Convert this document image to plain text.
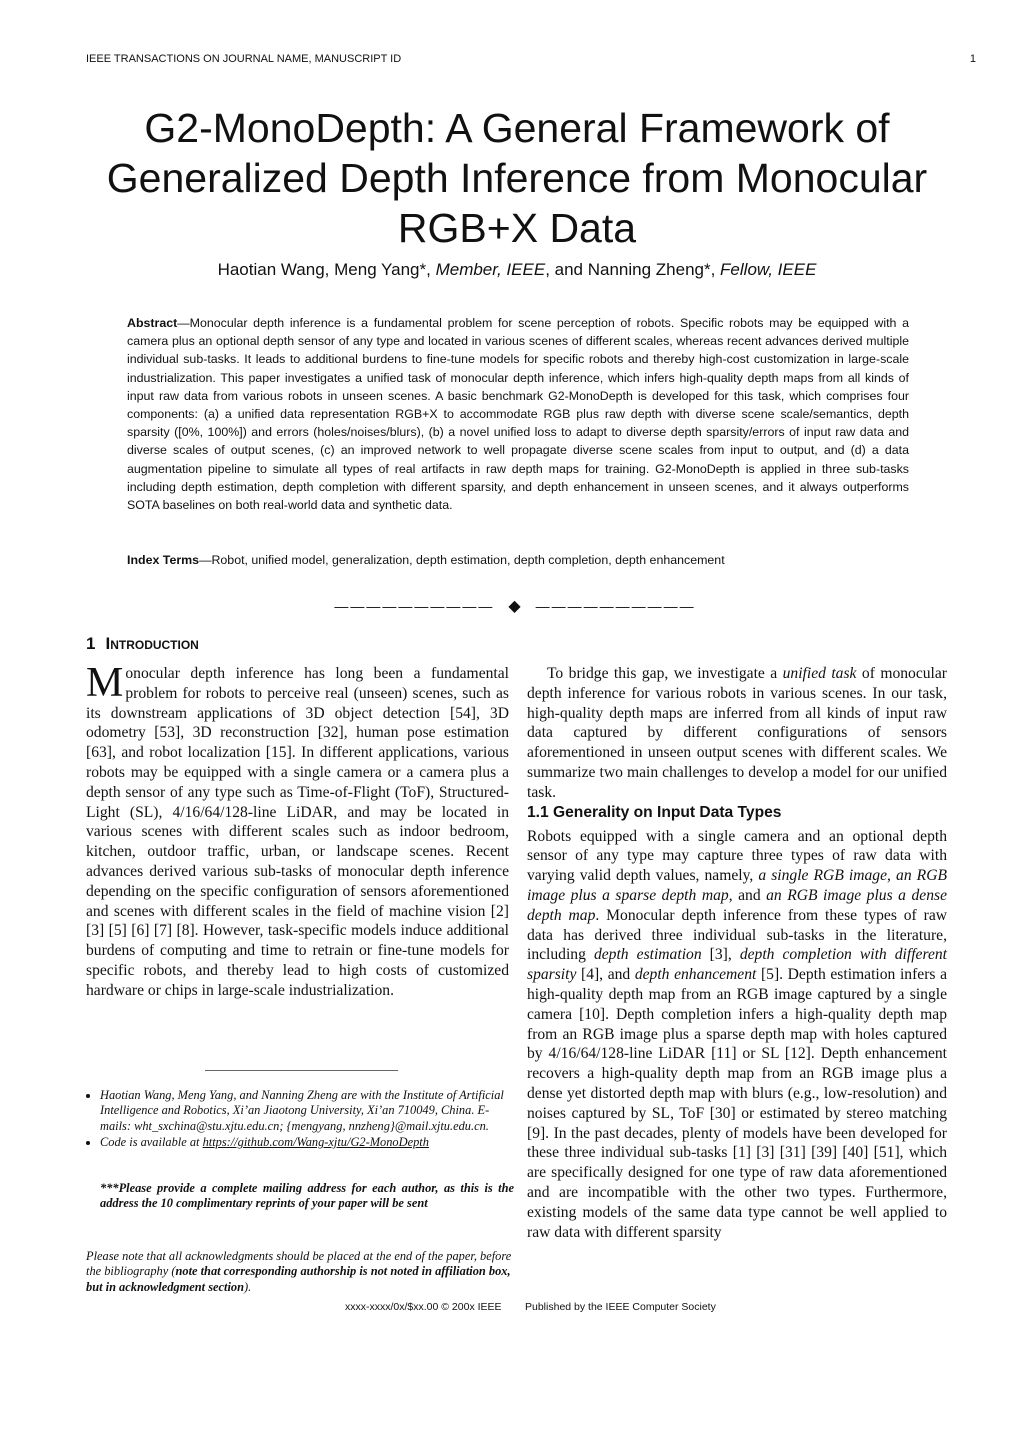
IEEE TRANSACTIONS ON JOURNAL NAME, MANUSCRIPT ID	1
G2-MonoDepth: A General Framework of Generalized Depth Inference from Monocular RGB+X Data
Haotian Wang, Meng Yang*, Member, IEEE, and Nanning Zheng*, Fellow, IEEE
Abstract—Monocular depth inference is a fundamental problem for scene perception of robots. Specific robots may be equipped with a camera plus an optional depth sensor of any type and located in various scenes of different scales, whereas recent advances derived multiple individual sub-tasks. It leads to additional burdens to fine-tune models for specific robots and thereby high-cost customization in large-scale industrialization. This paper investigates a unified task of monocular depth inference, which infers high-quality depth maps from all kinds of input raw data from various robots in unseen scenes. A basic benchmark G2-MonoDepth is developed for this task, which comprises four components: (a) a unified data representation RGB+X to accommodate RGB plus raw depth with diverse scene scale/semantics, depth sparsity ([0%, 100%]) and errors (holes/noises/blurs), (b) a novel unified loss to adapt to diverse depth sparsity/errors of input raw data and diverse scales of output scenes, (c) an improved network to well propagate diverse scene scales from input to output, and (d) a data augmentation pipeline to simulate all types of real artifacts in raw depth maps for training. G2-MonoDepth is applied in three sub-tasks including depth estimation, depth completion with different sparsity, and depth enhancement in unseen scenes, and it always outperforms SOTA baselines on both real-world data and synthetic data.
Index Terms—Robot, unified model, generalization, depth estimation, depth completion, depth enhancement
—————————— ◆ ——————————
1 Introduction

Monocular depth inference has long been a fundamental problem for robots to perceive real (unseen) scenes, such as its downstream applications of 3D object detection [54], 3D odometry [53], 3D reconstruction [32], human pose estimation [63], and robot localization [15]. In different applications, various robots may be equipped with a single camera or a camera plus a depth sensor of any type such as Time-of-Flight (ToF), Structured-Light (SL), 4/16/64/128-line LiDAR, and may be located in various scenes with different scales such as indoor bedroom, kitchen, outdoor traffic, urban, or landscape scenes. Recent advances derived various sub-tasks of monocular depth inference depending on the specific configuration of sensors aforementioned and scenes with different scales in the field of machine vision [2] [3] [5] [6] [7] [8]. However, task-specific models induce additional burdens of computing and time to retrain or fine-tune models for specific robots, and thereby lead to high costs of customized hardware or chips in large-scale industrialization.

To bridge this gap, we investigate a unified task of monocular depth inference for various robots in various scenes. In our task, high-quality depth maps are inferred from all kinds of input raw data captured by different configurations of sensors aforementioned in unseen output scenes with different scales. We summarize two main challenges to develop a model for our unified task.

1.1 Generality on Input Data Types

Robots equipped with a single camera and an optional depth sensor of any type may capture three types of raw data with varying valid depth values, namely, a single RGB image, an RGB image plus a sparse depth map, and an RGB image plus a dense depth map. Monocular depth inference from these types of raw data has derived three individual sub-tasks in the literature, including depth estimation [3], depth completion with different sparsity [4], and depth enhancement [5]. Depth estimation infers a high-quality depth map from an RGB image captured by a single camera [10]. Depth completion infers a high-quality depth map from an RGB image plus a sparse depth map with holes captured by 4/16/64/128-line LiDAR [11] or SL [12]. Depth enhancement recovers a high-quality depth map from an RGB image plus a dense yet distorted depth map with blurs (e.g., low-resolution) and noises captured by SL, ToF [30] or estimated by stereo matching [9]. In the past decades, plenty of models have been developed for these three individual sub-tasks [1] [3] [31] [39] [40] [51], which are specifically designed for one type of raw data aforementioned and are incompatible with the other two types. Furthermore, existing models of the same data type cannot be well applied to raw data with different sparsity

• Haotian Wang, Meng Yang, and Nanning Zheng are with the Institute of Artificial Intelligence and Robotics, Xi’an Jiaotong University, Xi’an 710049, China. E-mails: wht_sxchina@stu.xjtu.edu.cn; {mengyang, nnzheng}@mail.xjtu.edu.cn.
• Code is available at https://github.com/Wang-xjtu/G2-MonoDepth
***Please provide a complete mailing address for each author, as this is the address the 10 complimentary reprints of your paper will be sent
Please note that all acknowledgments should be placed at the end of the paper, before the bibliography (note that corresponding authorship is not noted in affiliation box, but in acknowledgment section).
xxxx-xxxx/0x/$xx.00 © 200x IEEE Published by the IEEE Computer Society
